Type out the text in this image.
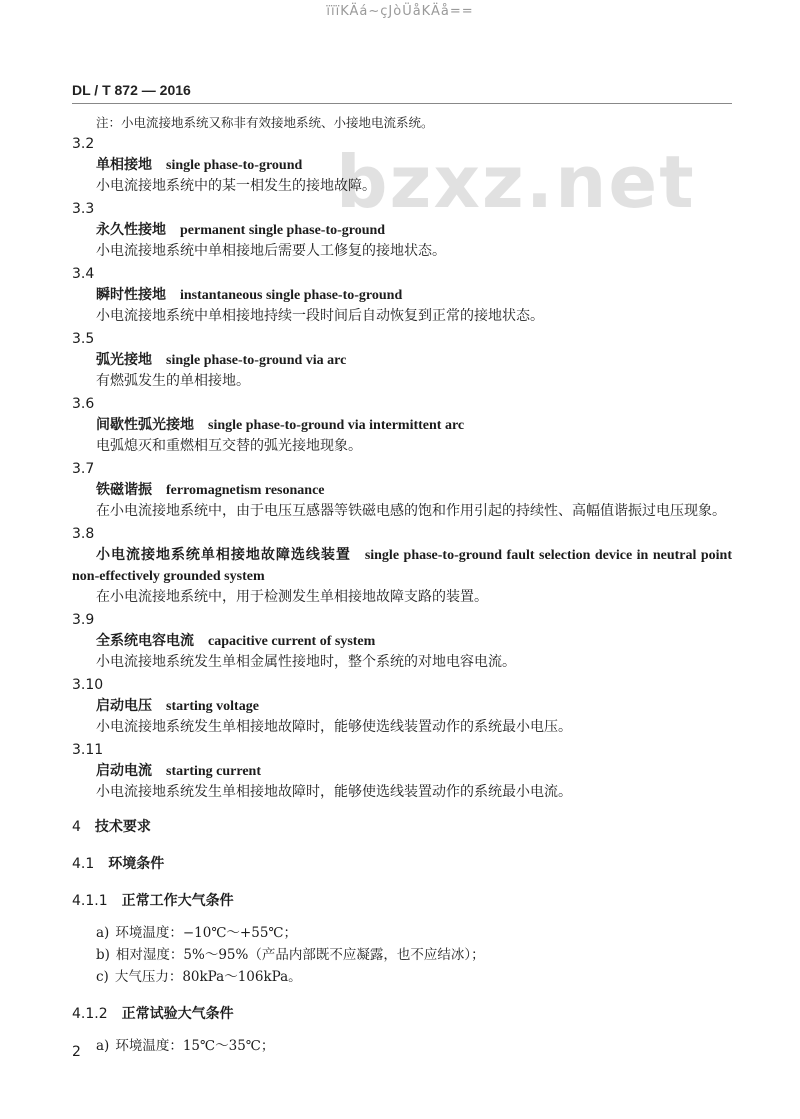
ïïïKÄá~çJòÜåKÄå==
bzxz.net
DL / T 872 — 2016
注：小电流接地系统又称非有效接地系统、小接地电流系统。
3.2
单相接地 single phase-to-ground
小电流接地系统中的某一相发生的接地故障。
3.3
永久性接地 permanent single phase-to-ground
小电流接地系统中单相接地后需要人工修复的接地状态。
3.4
瞬时性接地 instantaneous single phase-to-ground
小电流接地系统中单相接地持续一段时间后自动恢复到正常的接地状态。
3.5
弧光接地 single phase-to-ground via arc
有燃弧发生的单相接地。
3.6
间歇性弧光接地 single phase-to-ground via intermittent arc
电弧熄灭和重燃相互交替的弧光接地现象。
3.7
铁磁谐振 ferromagnetism resonance
在小电流接地系统中，由于电压互感器等铁磁电感的饱和作用引起的持续性、高幅值谐振过电压现象。
3.8
小电流接地系统单相接地故障选线装置 single phase-to-ground fault selection device in neutral point non-effectively grounded system
在小电流接地系统中，用于检测发生单相接地故障支路的装置。
3.9
全系统电容电流 capacitive current of system
小电流接地系统发生单相金属性接地时，整个系统的对地电容电流。
3.10
启动电压 starting voltage
小电流接地系统发生单相接地故障时，能够使选线装置动作的系统最小电压。
3.11
启动电流 starting current
小电流接地系统发生单相接地故障时，能够使选线装置动作的系统最小电流。
4 技术要求
4.1 环境条件
4.1.1 正常工作大气条件
a) 环境温度：−10℃～+55℃；
b) 相对湿度：5%～95%（产品内部既不应凝露，也不应结冰）；
c) 大气压力：80kPa～106kPa。
4.1.2 正常试验大气条件
a) 环境温度：15℃～35℃；
2
